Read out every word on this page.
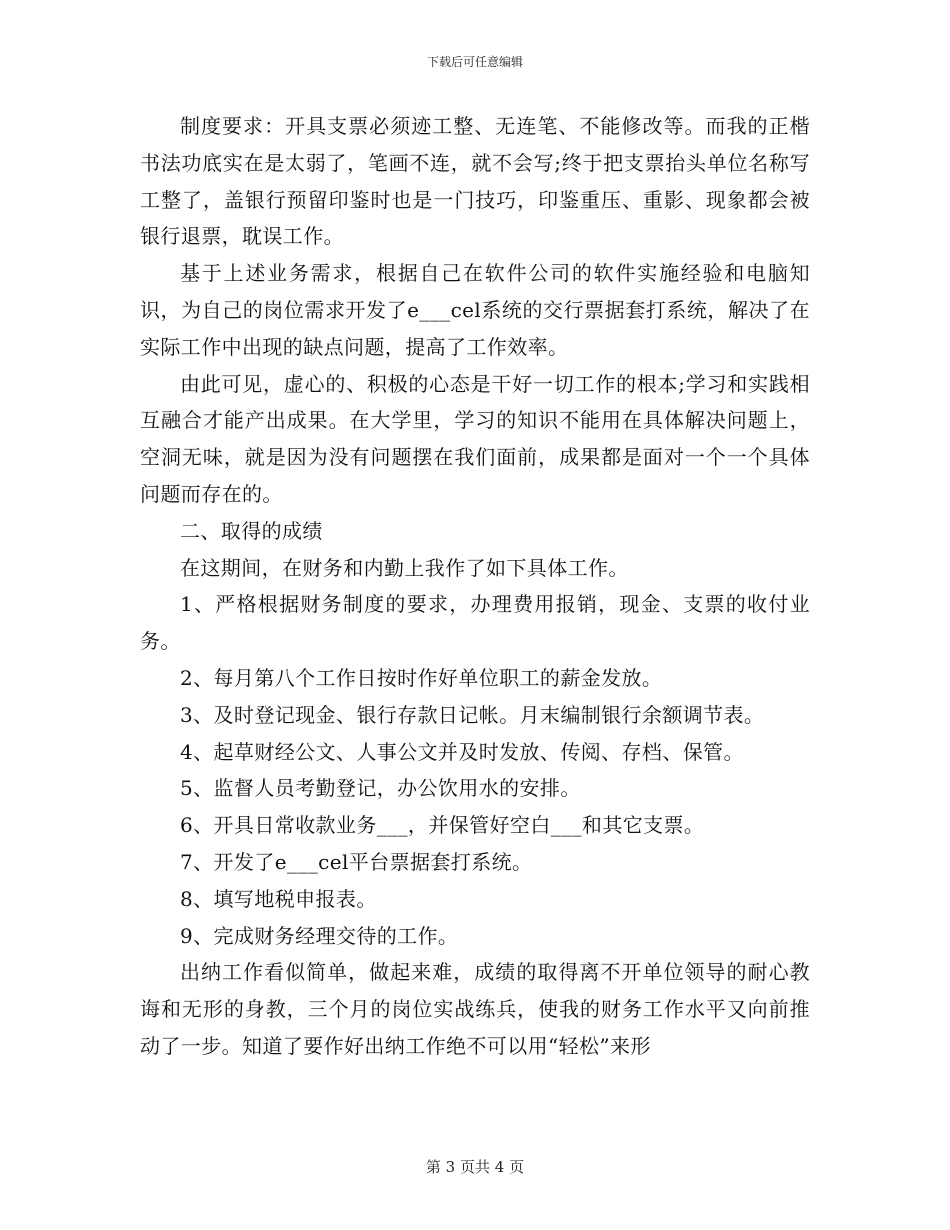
下载后可任意编辑

制度要求：开具支票必须迹工整、无连笔、不能修改等。而我的正楷书法功底实在是太弱了，笔画不连，就不会写;终于把支票抬头单位名称写工整了，盖银行预留印鉴时也是一门技巧，印鉴重压、重影、现象都会被银行退票，耽误工作。

基于上述业务需求，根据自己在软件公司的软件实施经验和电脑知识，为自己的岗位需求开发了e___cel系统的交行票据套打系统，解决了在实际工作中出现的缺点问题，提高了工作效率。

由此可见，虚心的、积极的心态是干好一切工作的根本;学习和实践相互融合才能产出成果。在大学里，学习的知识不能用在具体解决问题上，空洞无味，就是因为没有问题摆在我们面前，成果都是面对一个一个具体问题而存在的。

二、取得的成绩

在这期间，在财务和内勤上我作了如下具体工作。

1、严格根据财务制度的要求，办理费用报销，现金、支票的收付业务。

2、每月第八个工作日按时作好单位职工的薪金发放。

3、及时登记现金、银行存款日记帐。月末编制银行余额调节表。

4、起草财经公文、人事公文并及时发放、传阅、存档、保管。

5、监督人员考勤登记，办公饮用水的安排。

6、开具日常收款业务___，并保管好空白___和其它支票。

7、开发了e___cel平台票据套打系统。

8、填写地税申报表。

9、完成财务经理交待的工作。

出纳工作看似简单，做起来难，成绩的取得离不开单位领导的耐心教诲和无形的身教，三个月的岗位实战练兵，使我的财务工作水平又向前推动了一步。知道了要作好出纳工作绝不可以用“轻松”来形

第 3 页共 4 页
